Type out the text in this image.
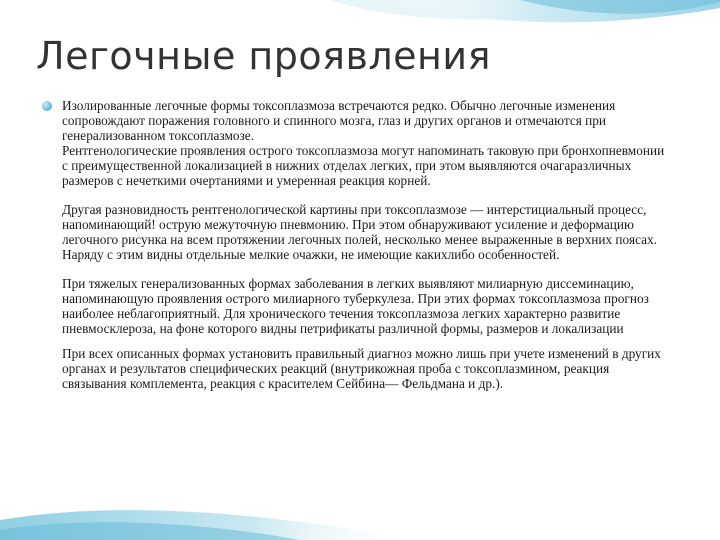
Легочные проявления

Изолированные легочные формы токсоплазмоза встречаются редко. Обычно легочные изменения сопровождают поражения головного и спинного мозга, глаз и других органов и отмечаются при генерализованном токсоплазмозе.

Рентгенологические проявления острого токсоплазмоза могут напоминать таковую при бронхопневмонии с преимущественной локализацией в нижних отделах легких, при этом выявляются очагаразличных размеров с нечеткими очертаниями и умеренная реакция корней.

Другая разновидность рентгенологической картины при токсоплазмозе — интерстициальный процесс, напоминающий! острую межуточную пневмонию. При этом обнаруживают усиление и деформацию легочного рисунка на всем протяжении легочных полей, несколько менее выраженные в верхних поясах. Наряду с этим видны отдельные мелкие очажки, не имеющие какихлибо особенностей.

При тяжелых генерализованных формах заболевания в легких выявляют милиарную диссеминацию, напоминающую проявления острого милиарного туберкулеза. При этих формах токсоплазмоза прогноз наиболее неблагоприятный. Для хронического течения токсоплазмоза легких характерно развитие пневмосклероза, на фоне которого видны петрификаты различной формы, размеров и локализации

При всех описанных формах установить правильный диагноз можно лишь при учете изменений в других органах и результатов специфических реакций (внутрикожная проба с токсоплазмином, реакция связывания комплемента, реакция с красителем Сейбина— Фельдмана и др.).
